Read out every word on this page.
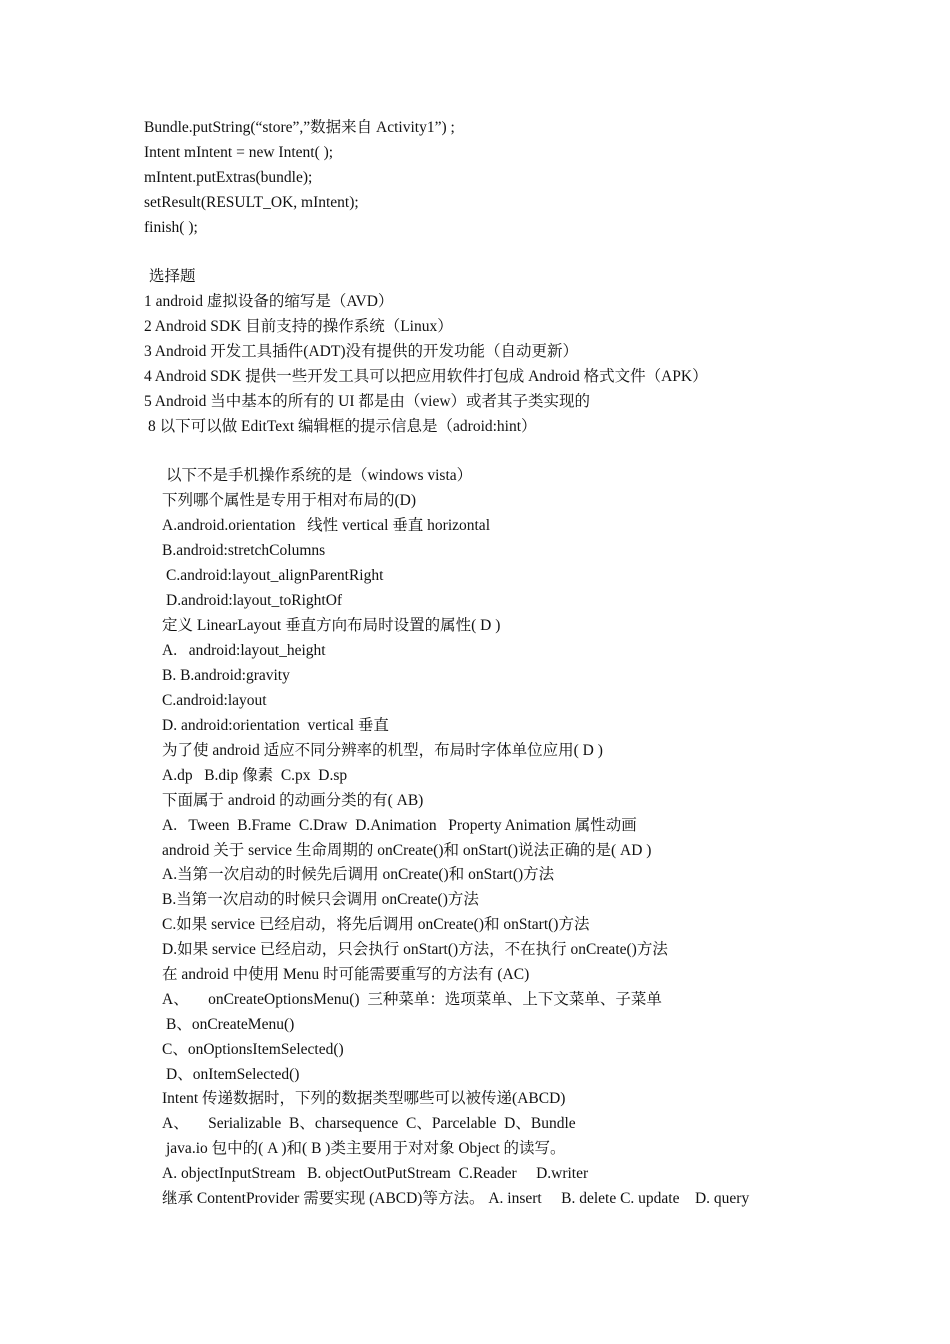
Bundle.putString(“store”,”数据来自 Activity1”) ;
Intent mIntent = new Intent( );
mIntent.putExtras(bundle);
setResult(RESULT_OK, mIntent);
finish( );
选择题
1 android 虚拟设备的缩写是（AVD）
2 Android SDK 目前支持的操作系统（Linux）
3 Android 开发工具插件(ADT)没有提供的开发功能（自动更新）
4 Android SDK 提供一些开发工具可以把应用软件打包成 Android 格式文件（APK）
5 Android 当中基本的所有的 UI 都是由（view）或者其子类实现的
8 以下可以做 EditText 编辑框的提示信息是（adroid:hint）
以下不是手机操作系统的是（windows vista）
下列哪个属性是专用于相对布局的(D)
A.android.orientation   线性 vertical 垂直 horizontal
B.android:stretchColumns
C.android:layout_alignParentRight
D.android:layout_toRightOf
定义 LinearLayout 垂直方向布局时设置的属性( D )
A.   android:layout_height
B. B.android:gravity
C.android:layout
D. android:orientation  vertical 垂直
为了使 android 适应不同分辨率的机型，布局时字体单位应用( D )
A.dp   B.dip 像素  C.px  D.sp
下面属于 android 的动画分类的有( AB)
A.   Tween  B.Frame  C.Draw  D.Animation   Property Animation 属性动画
android 关于 service 生命周期的 onCreate()和 onStart()说法正确的是( AD )
A.当第一次启动的时候先后调用 onCreate()和 onStart()方法
B.当第一次启动的时候只会调用 onCreate()方法
C.如果 service 已经启动，将先后调用 onCreate()和 onStart()方法
D.如果 service 已经启动，只会执行 onStart()方法，不在执行 onCreate()方法
在 android 中使用 Menu 时可能需要重写的方法有 (AC)
A、     onCreateOptionsMenu()  三种菜单：选项菜单、上下文菜单、子菜单
B、onCreateMenu()
C、onOptionsItemSelected()
D、onItemSelected()
Intent 传递数据时，下列的数据类型哪些可以被传递(ABCD)
A、     Serializable  B、charsequence  C、Parcelable  D、Bundle
java.io 包中的( A )和( B )类主要用于对对象 Object 的读写。
A. objectInputStream   B. objectOutPutStream  C.Reader     D.writer
继承 ContentProvider 需要实现 (ABCD)等方法。 A. insert     B. delete C. update    D. query
